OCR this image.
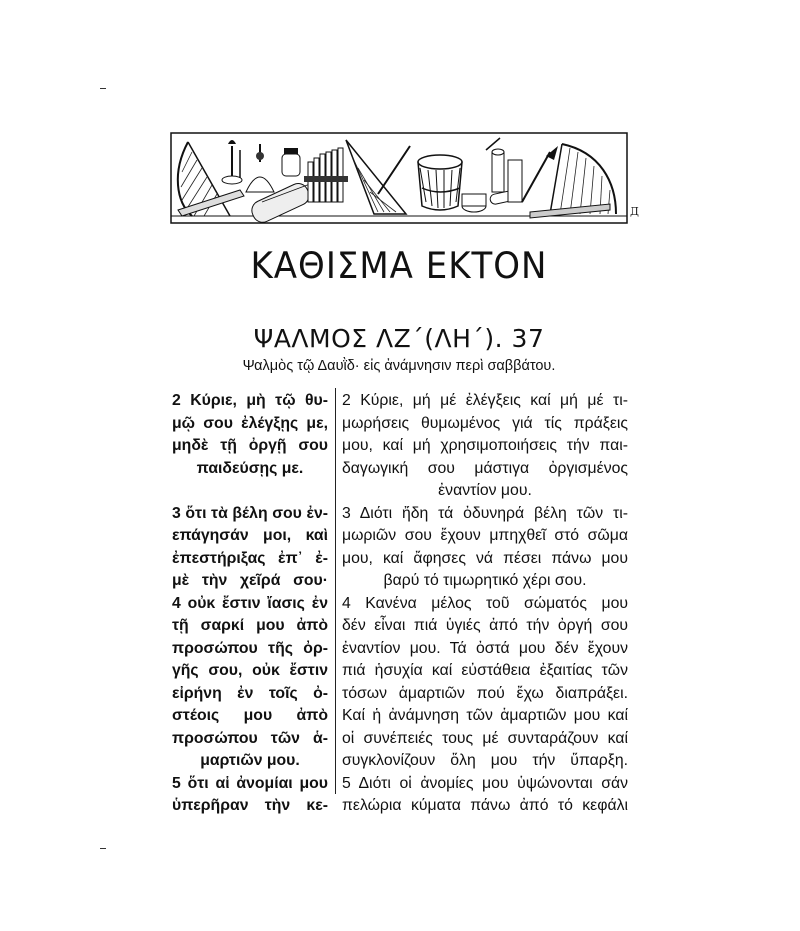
Д
ΚΑΘΙΣΜΑ ΕΚΤΟΝ
ΨΑΛΜΟΣ ΛΖ΄(ΛΗ΄). 37
Ψαλμὸς τῷ Δαυῒδ· εἰς ἀνάμνησιν περὶ σαββάτου.
2 Κύριε, μὴ τῷ θυ-
μῷ σου ἐλέγξῃς με,
μηδὲ τῇ ὀργῇ σου
παιδεύσῃς με.
3 ὅτι τὰ βέλη σου ἐν-
επάγησάν μοι, καὶ
ἐπεστήριξας ἐπ᾽ ἐ-
μὲ τὴν χεῖρά σου·
4 οὐκ ἔστιν ἴασις ἐν
τῇ σαρκί μου ἀπὸ
προσώπου τῆς ὀρ-
γῆς σου, οὐκ ἔστιν
εἰρήνη ἐν τοῖς ὀ-
στέοις μου ἀπὸ
προσώπου τῶν ἁ-
μαρτιῶν μου.
5 ὅτι αἱ ἀνομίαι μου
ὑπερῆραν τὴν κε-
2 Κύριε, μή μέ ἐλέγξεις καί μή μέ τι-
μωρήσεις θυμωμένος γιά τίς πράξεις
μου, καί μή χρησιμοποιήσεις τήν παι-
δαγωγική σου μάστιγα ὀργισμένος
ἐναντίον μου.
3 Διότι ἤδη τά ὀδυνηρά βέλη τῶν τι-
μωριῶν σου ἔχουν μπηχθεῖ στό σῶμα
μου, καί ἄφησες νά πέσει πάνω μου
βαρύ τό τιμωρητικό χέρι σου.
4 Κανένα μέλος τοῦ σώματός μου
δέν εἶναι πιά ὑγιές ἀπό τήν ὀργή σου
ἐναντίον μου. Τά ὀστά μου δέν ἔχουν
πιά ἡσυχία καί εὐστάθεια ἐξαιτίας τῶν
τόσων ἁμαρτιῶν πού ἔχω διαπράξει.
Καί ἡ ἀνάμνηση τῶν ἁμαρτιῶν μου καί
οἱ συνέπειές τους μέ συνταράζουν καί
συγκλονίζουν ὅλη μου τήν ὕπαρξη.
5 Διότι οἱ ἀνομίες μου ὑψώνονται σάν
πελώρια κύματα πάνω ἀπό τό κεφάλι
